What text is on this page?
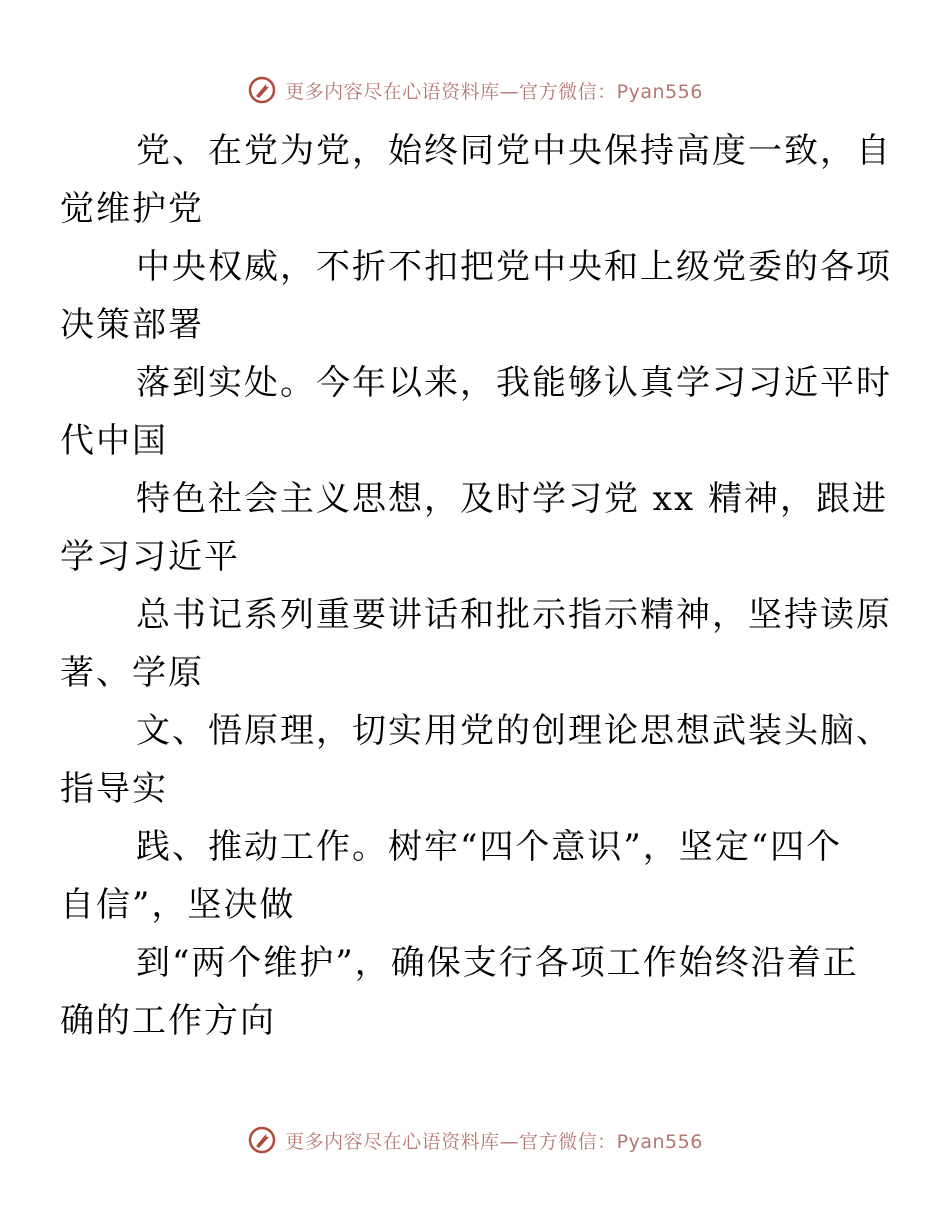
更多内容尽在心语资料库—官方微信：Pyan556
党、在党为党，始终同党中央保持高度一致，自
觉维护党
中央权威，不折不扣把党中央和上级党委的各项
决策部署
落到实处。今年以来，我能够认真学习习近平时
代中国
特色社会主义思想，及时学习党 xx 精神，跟进
学习习近平
总书记系列重要讲话和批示指示精神，坚持读原
著、学原
文、悟原理，切实用党的创理论思想武装头脑、
指导实
践、推动工作。树牢“四个意识”，坚定“四个
自信”，坚决做
到“两个维护”，确保支行各项工作始终沿着正
确的工作方向
更多内容尽在心语资料库—官方微信：Pyan556
